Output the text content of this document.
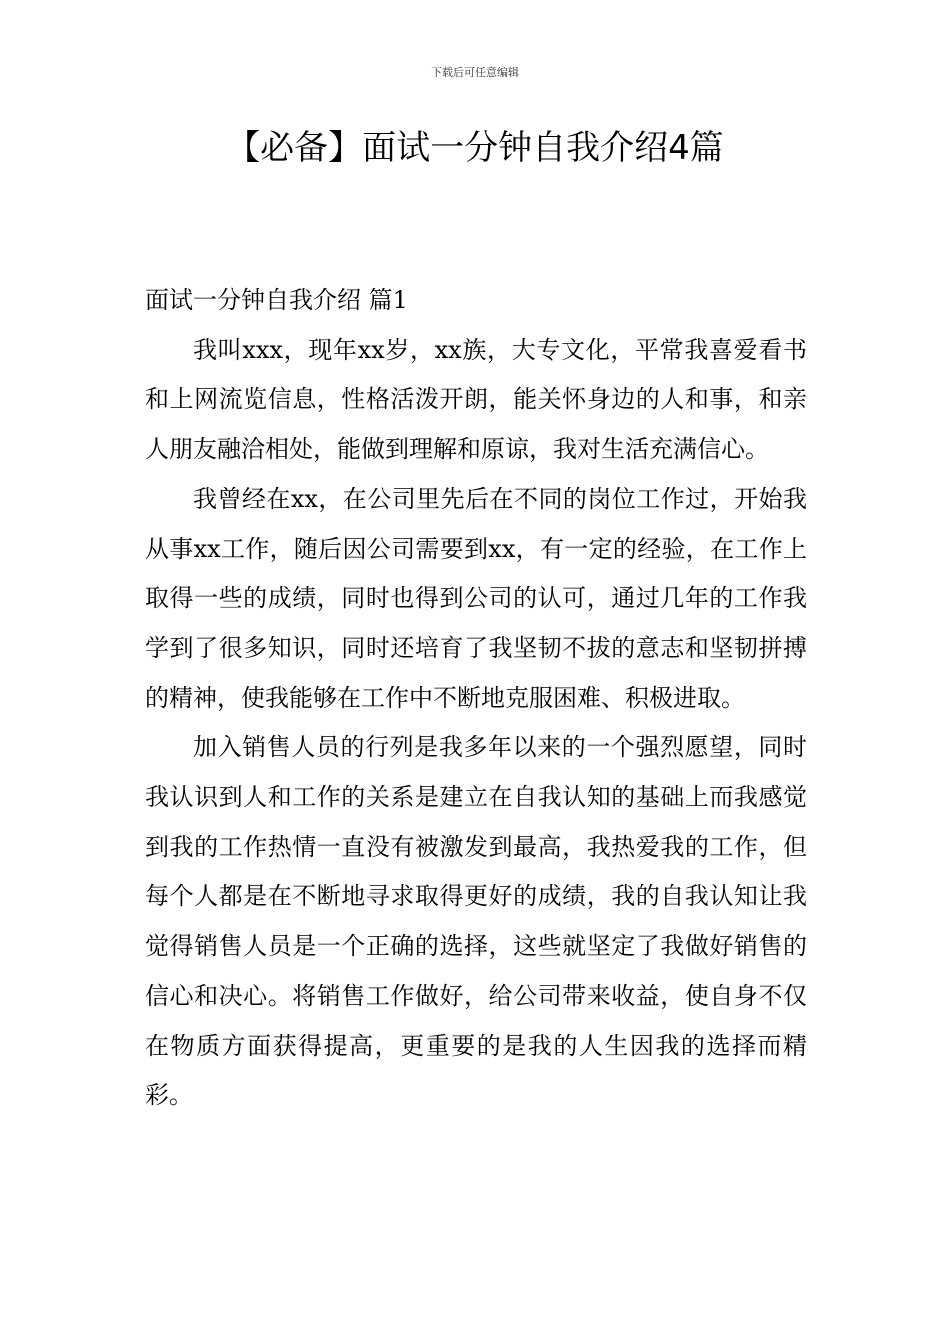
下载后可任意编辑
【必备】面试一分钟自我介绍4篇
面试一分钟自我介绍 篇1

我叫xxx，现年xx岁，xx族，大专文化，平常我喜爱看书和上网流览信息，性格活泼开朗，能关怀身边的人和事，和亲人朋友融洽相处，能做到理解和原谅，我对生活充满信心。

我曾经在xx，在公司里先后在不同的岗位工作过，开始我从事xx工作，随后因公司需要到xx，有一定的经验，在工作上取得一些的成绩，同时也得到公司的认可，通过几年的工作我学到了很多知识，同时还培育了我坚韧不拔的意志和坚韧拼搏的精神，使我能够在工作中不断地克服困难、积极进取。

加入销售人员的行列是我多年以来的一个强烈愿望，同时我认识到人和工作的关系是建立在自我认知的基础上而我感觉到我的工作热情一直没有被激发到最高，我热爱我的工作，但每个人都是在不断地寻求取得更好的成绩，我的自我认知让我觉得销售人员是一个正确的选择，这些就坚定了我做好销售的信心和决心。将销售工作做好，给公司带来收益，使自身不仅在物质方面获得提高，更重要的是我的人生因我的选择而精彩。
